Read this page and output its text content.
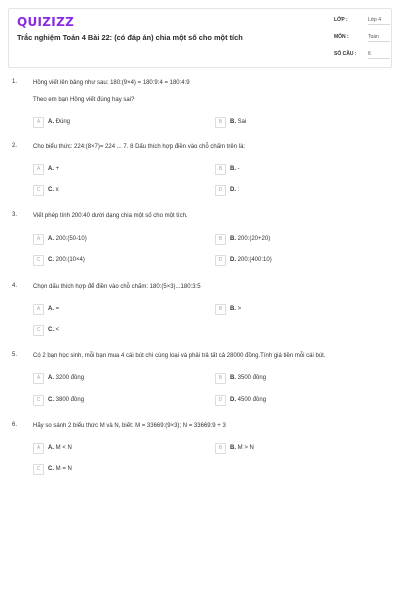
QUIZIZZ
Trắc nghiệm Toán 4 Bài 22: (có đáp án) chia một số cho một tích
LỚP :	Lớp 4
MÔN :	Toán
SỐ CÂU : 6
1.	Hồng viết lên bảng như sau: 180:(9×4) = 180:9:4 = 180:4:9
Theo em bạn Hồng viết đúng hay sai?
A	A. Đúng	B	B. Sai
2.	Cho biểu thức: 224:(8×7)= 224 ... 7. 8 Dấu thích hợp điền vào chỗ chấm trên là:
A	A. +	B	B. -
C	C. x	D	D. :
3.	Viết phép tính 200:40 dưới dạng chia một số cho một tích.
A	A. 200:(50-10)	B	B. 200:(20+20)
C	C. 200:(10×4)	D	D. 200:(400:10)
4.	Chọn dấu thích hợp để điền vào chỗ chấm: 180:(5×3)...180:3:5
A	A. =	B	B. >
C	C. <
5.	Có 2 bạn học sinh, mỗi bạn mua 4 cái bút chì cùng loại và phải trả tất cả 28000 đồng.Tính giá tiền mỗi cái bút.
A	A. 3200 đồng	B	B. 3500 đồng
C	C. 3800 đồng	D	D. 4500 đồng
6.	Hãy so sánh 2 biểu thức M và N, biết: M = 33669:(9×3); N = 33669:9 + 3
A	A. M < N	B	B. M > N
C	C. M = N
